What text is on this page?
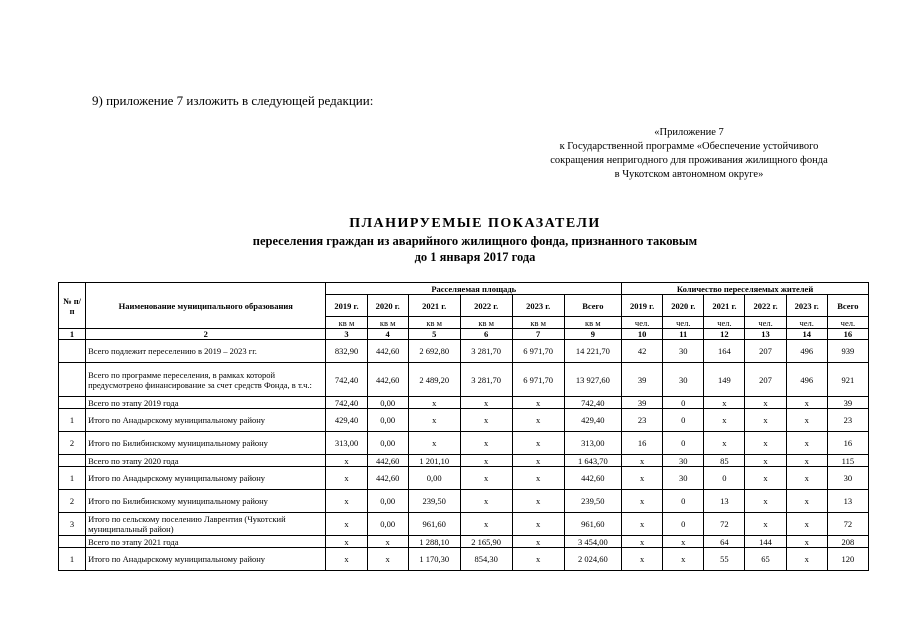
9) приложение 7 изложить в следующей редакции:
«Приложение 7
к Государственной программе «Обеспечение устойчивого
сокращения непригодного для проживания жилищного фонда
в Чукотском автономном округе»
ПЛАНИРУЕМЫЕ ПОКАЗАТЕЛИ
переселения граждан из аварийного жилищного фонда, признанного таковым
до 1 января 2017 года
№ п/п	Наименование муниципального образования	Расселяемая площадь						Количество переселяемых жителей					
		2019 г.	2020 г.	2021 г.	2022 г.	2023 г.	Всего	2019 г.	2020 г.	2021 г.	2022 г.	2023 г.	Всего
		кв м	кв м	кв м	кв м	кв м	кв м	чел.	чел.	чел.	чел.	чел.	чел.
1	2	3	4	5	6	7	9	10	11	12	13	14	16
	Всего подлежит переселению в 2019 – 2023 гг.	832,90	442,60	2 692,80	3 281,70	6 971,70	14 221,70	42	30	164	207	496	939
	Всего по программе переселения, в рамках которой предусмотрено финансирование за счет средств Фонда, в т.ч.:	742,40	442,60	2 489,20	3 281,70	6 971,70	13 927,60	39	30	149	207	496	921
	Всего по этапу 2019 года	742,40	0,00	x	x	x	742,40	39	0	x	x	x	39
1	Итого по Анадырскому муниципальному району	429,40	0,00	x	x	x	429,40	23	0	x	x	x	23
2	Итого по Билибинскому муниципальному району	313,00	0,00	x	x	x	313,00	16	0	x	x	x	16
	Всего по этапу 2020 года	x	442,60	1 201,10	x	x	1 643,70	x	30	85	x	x	115
1	Итого по Анадырскому муниципальному району	x	442,60	0,00	x	x	442,60	x	30	0	x	x	30
2	Итого по Билибинскому муниципальному району	x	0,00	239,50	x	x	239,50	x	0	13	x	x	13
3	Итого по сельскому поселению Лаврентия (Чукотский муниципальный район)	x	0,00	961,60	x	x	961,60	x	0	72	x	x	72
	Всего по этапу 2021 года	x	x	1 288,10	2 165,90	x	3 454,00	x	x	64	144	x	208
1	Итого по Анадырскому муниципальному району	x	x	1 170,30	854,30	x	2 024,60	x	x	55	65	x	120
